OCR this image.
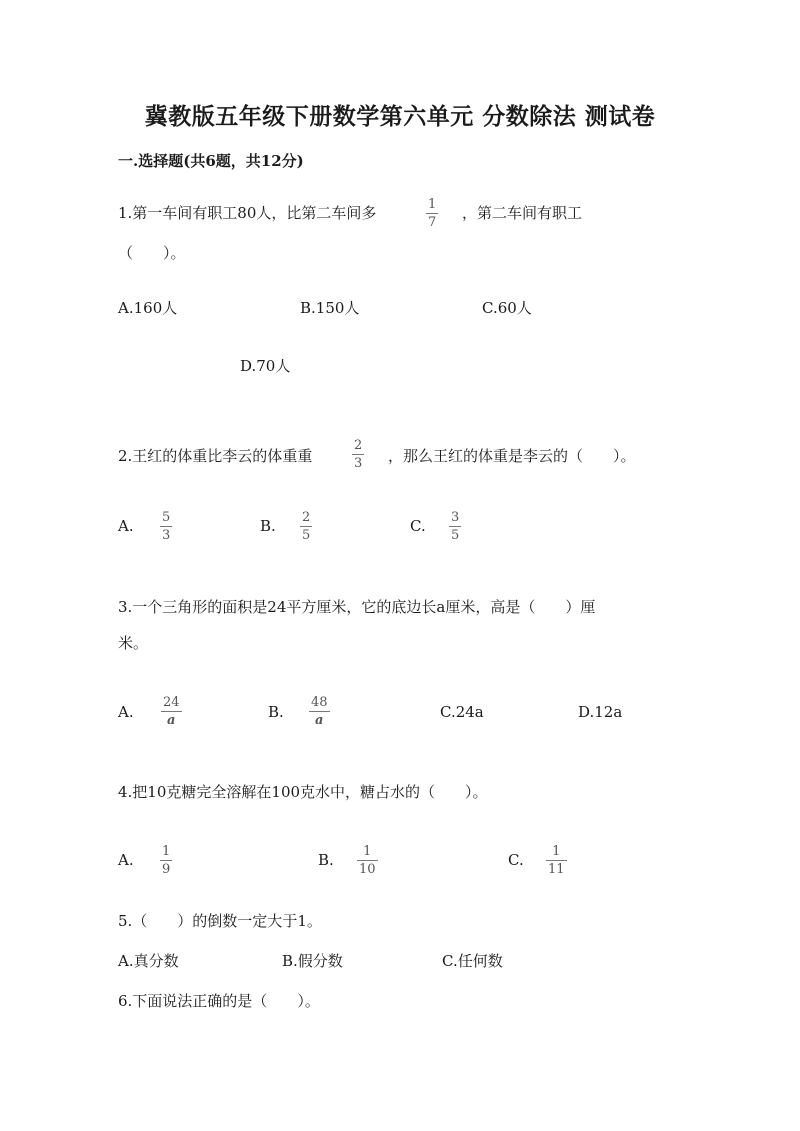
冀教版五年级下册数学第六单元 分数除法 测试卷
一.选择题(共6题，共12分)
1.第一车间有职工80人，比第二车间多	1
7
，第二车间有职工
（　　）。
A.160人	B.150人	C.60人
D.70人
2.王红的体重比李云的体重重
2
3 ，那么王红的体重是李云的（　　）。
A. 5
3
B. 2
5
C. 3
5
3.一个三角形的面积是24平方厘米，它的底边长a厘米，高是（　　）厘
米。
A.
24
a	B.
48
a	C.24a	D.12a
4.把10克糖完全溶解在100克水中，糖占水的（　　）。
A. 1
9
B. 1
10
C. 1
11
5.（　　）的倒数一定大于1。
A.真分数	B.假分数	C.任何数
6.下面说法正确的是（　　）。
